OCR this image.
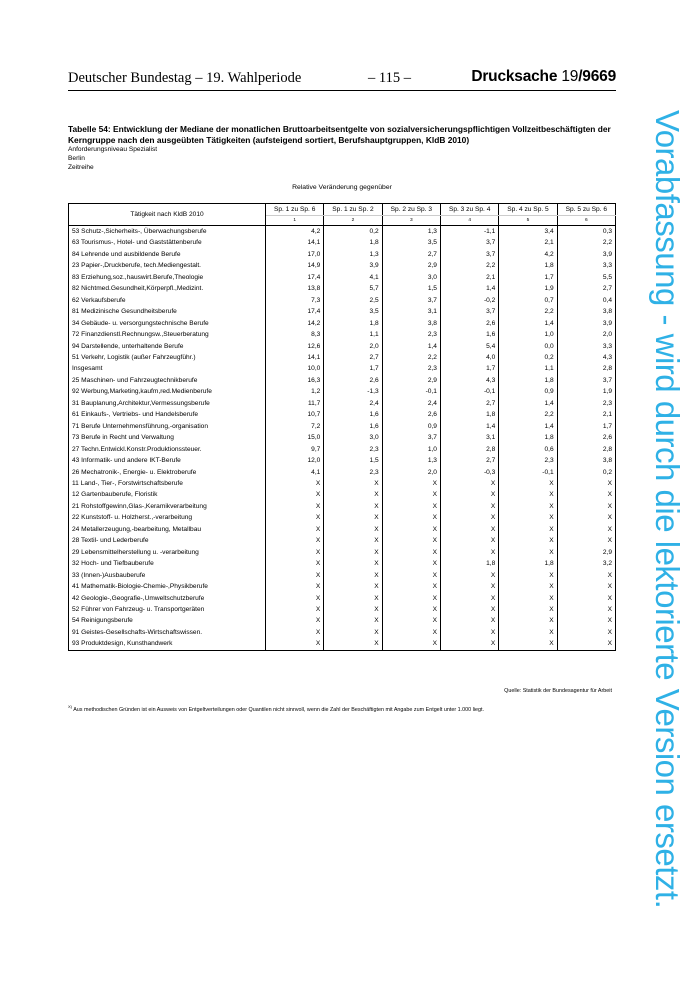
Deutscher Bundestag – 19. Wahlperiode	– 115 –	Drucksache 19/9669
Tabelle 54: Entwicklung der Mediane der monatlichen Bruttoarbeitsentgelte von sozialversicherungspflichtigen Vollzeitbeschäftigten der Kerngruppe nach den ausgeübten Tätigkeiten (aufsteigend sortiert, Berufshauptgruppen, KldB 2010)
Anforderungsniveau Spezialist
Berlin
Zeitreihe
Relative Veränderung gegenüber
Tätigkeit nach KldB 2010	Sp. 1 zu Sp. 6	Sp. 1 zu Sp. 2	Sp. 2 zu Sp. 3	Sp. 3 zu Sp. 4	Sp. 4 zu Sp. 5	Sp. 5 zu Sp. 6
	1	2	3	4	5	6
53 Schutz-,Sicherheits-, Überwachungsberufe	4,2	0,2	1,3	-1,1	3,4	0,3
63 Tourismus-, Hotel- und Gaststättenberufe	14,1	1,8	3,5	3,7	2,1	2,2
84 Lehrende und ausbildende Berufe	17,0	1,3	2,7	3,7	4,2	3,9
23 Papier-,Druckberufe, tech.Mediengestalt.	14,9	3,9	2,9	2,2	1,8	3,3
83 Erziehung,soz.,hauswirt.Berufe,Theologie	17,4	4,1	3,0	2,1	1,7	5,5
82 Nichtmed.Gesundheit,Körperpfl.,Medizint.	13,8	5,7	1,5	1,4	1,9	2,7
62 Verkaufsberufe	7,3	2,5	3,7	-0,2	0,7	0,4
81 Medizinische Gesundheitsberufe	17,4	3,5	3,1	3,7	2,2	3,8
34 Gebäude- u. versorgungstechnische Berufe	14,2	1,8	3,8	2,6	1,4	3,9
72 Finanzdienstl.Rechnungsw.,Steuerberatung	8,3	1,1	2,3	1,6	1,0	2,0
94 Darstellende, unterhaltende Berufe	12,6	2,0	1,4	5,4	0,0	3,3
51 Verkehr, Logistik (außer Fahrzeugführ.)	14,1	2,7	2,2	4,0	0,2	4,3
Insgesamt	10,0	1,7	2,3	1,7	1,1	2,8
25 Maschinen- und Fahrzeugtechnikberufe	16,3	2,6	2,9	4,3	1,8	3,7
92 Werbung,Marketing,kaufm,red.Medienberufe	1,2	-1,3	-0,1	-0,1	0,9	1,9
31 Bauplanung,Architektur,Vermessungsberufe	11,7	2,4	2,4	2,7	1,4	2,3
61 Einkaufs-, Vertriebs- und Handelsberufe	10,7	1,6	2,6	1,8	2,2	2,1
71 Berufe Unternehmensführung,-organisation	7,2	1,6	0,9	1,4	1,4	1,7
73 Berufe in Recht und Verwaltung	15,0	3,0	3,7	3,1	1,8	2,6
27 Techn.Entwickl.Konstr.Produktionssteuer.	9,7	2,3	1,0	2,8	0,6	2,8
43 Informatik- und andere IKT-Berufe	12,0	1,5	1,3	2,7	2,3	3,8
26 Mechatronik-, Energie- u. Elektroberufe	4,1	2,3	2,0	-0,3	-0,1	0,2
11 Land-, Tier-, Forstwirtschaftsberufe	X	X	X	X	X	X
12 Gartenbauberufe, Floristik	X	X	X	X	X	X
21 Rohstoffgewinn,Glas-,Keramikverarbeitung	X	X	X	X	X	X
22 Kunststoff- u. Holzherst.,-verarbeitung	X	X	X	X	X	X
24 Metallerzeugung,-bearbeitung, Metallbau	X	X	X	X	X	X
28 Textil- und Lederberufe	X	X	X	X	X	X
29 Lebensmittelherstellung u. -verarbeitung	X	X	X	X	X	2,9
32 Hoch- und Tiefbauberufe	X	X	X	1,8	1,8	3,2
33 (Innen-)Ausbauberufe	X	X	X	X	X	X
41 Mathematik-Biologie-Chemie-,Physikberufe	X	X	X	X	X	X
42 Geologie-,Geografie-,Umweltschutzberufe	X	X	X	X	X	X
52 Führer von Fahrzeug- u. Transportgeräten	X	X	X	X	X	X
54 Reinigungsberufe	X	X	X	X	X	X
91 Geistes-Gesellschafts-Wirtschaftswissen.	X	X	X	X	X	X
93 Produktdesign, Kunsthandwerk	X	X	X	X	X	X
Quelle: Statistik der Bundesagentur für Arbeit
$^{X)}$ Aus methodischen Gründen ist ein Ausweis von Entgeltverteilungen oder Quantilen nicht sinnvoll, wenn die Zahl der Beschäftigten mit Angabe zum Entgelt unter 1.000 liegt.	Vorabfassung - wird durch die lektorierte Version ersetzt.
